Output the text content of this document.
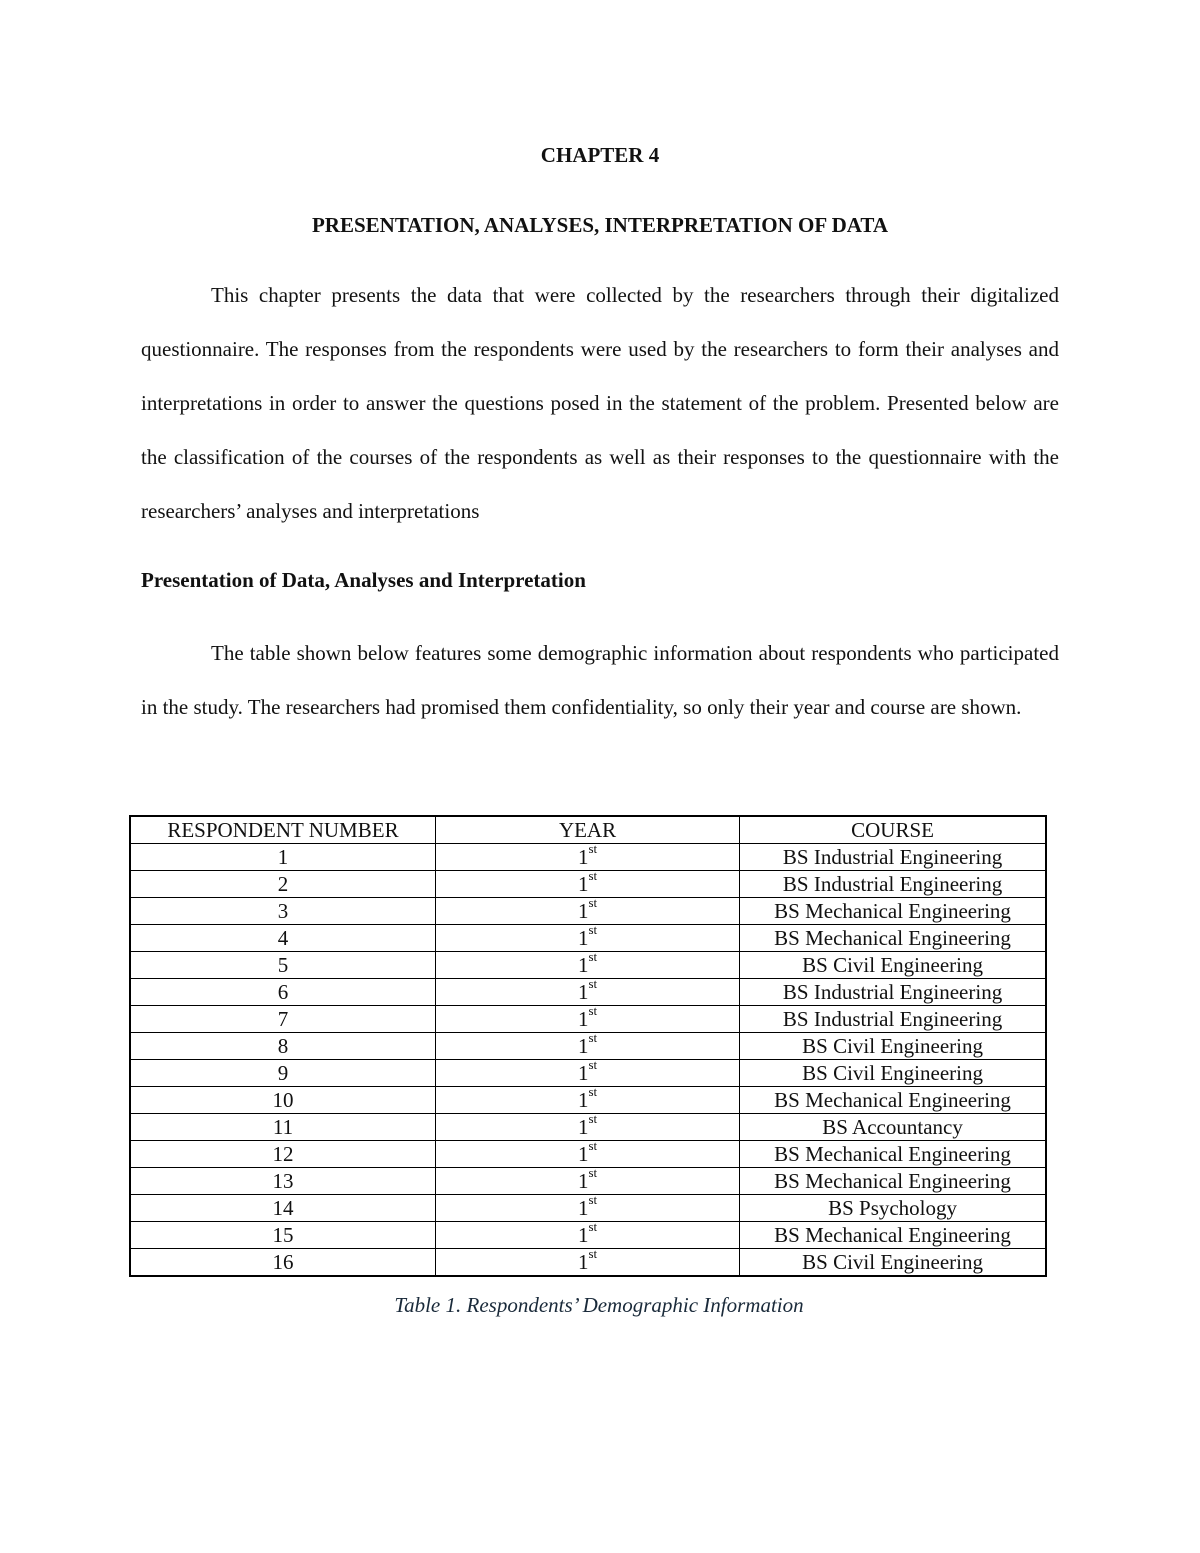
CHAPTER 4

PRESENTATION, ANALYSES, INTERPRETATION OF DATA

This chapter presents the data that were collected by the researchers through their digitalized questionnaire. The responses from the respondents were used by the researchers to form their analyses and interpretations in order to answer the questions posed in the statement of the problem. Presented below are the classification of the courses of the respondents as well as their responses to the questionnaire with the researchers’ analyses and interpretations

Presentation of Data, Analyses and Interpretation

The table shown below features some demographic information about respondents who participated in the study. The researchers had promised them confidentiality, so only their year and course are shown.

RESPONDENT NUMBER	YEAR	COURSE
1	1st	BS Industrial Engineering
2	1st	BS Industrial Engineering
3	1st	BS Mechanical Engineering
4	1st	BS Mechanical Engineering
5	1st	BS Civil Engineering
6	1st	BS Industrial Engineering
7	1st	BS Industrial Engineering
8	1st	BS Civil Engineering
9	1st	BS Civil Engineering
10	1st	BS Mechanical Engineering
11	1st	BS Accountancy
12	1st	BS Mechanical Engineering
13	1st	BS Mechanical Engineering
14	1st	BS Psychology
15	1st	BS Mechanical Engineering
16	1st	BS Civil Engineering

Table 1. Respondents’ Demographic Information
